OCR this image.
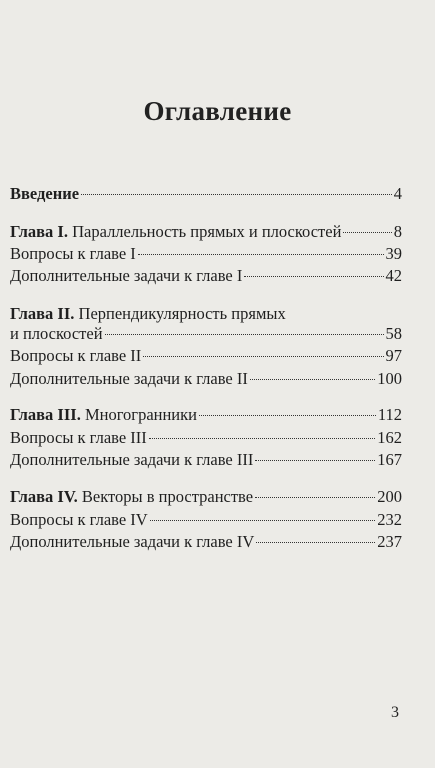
Оглавление
Введение	4
Глава I. Параллельность прямых и плоскостей	8
Вопросы к главе I	39
Дополнительные задачи к главе I	42
Глава II. Перпендикулярность прямых
и плоскостей	58
Вопросы к главе II	97
Дополнительные задачи к главе II	100
Глава III. Многогранники	112
Вопросы к главе III	162
Дополнительные задачи к главе III	167
Глава IV. Векторы в пространстве	200
Вопросы к главе IV	232
Дополнительные задачи к главе IV	237
3
